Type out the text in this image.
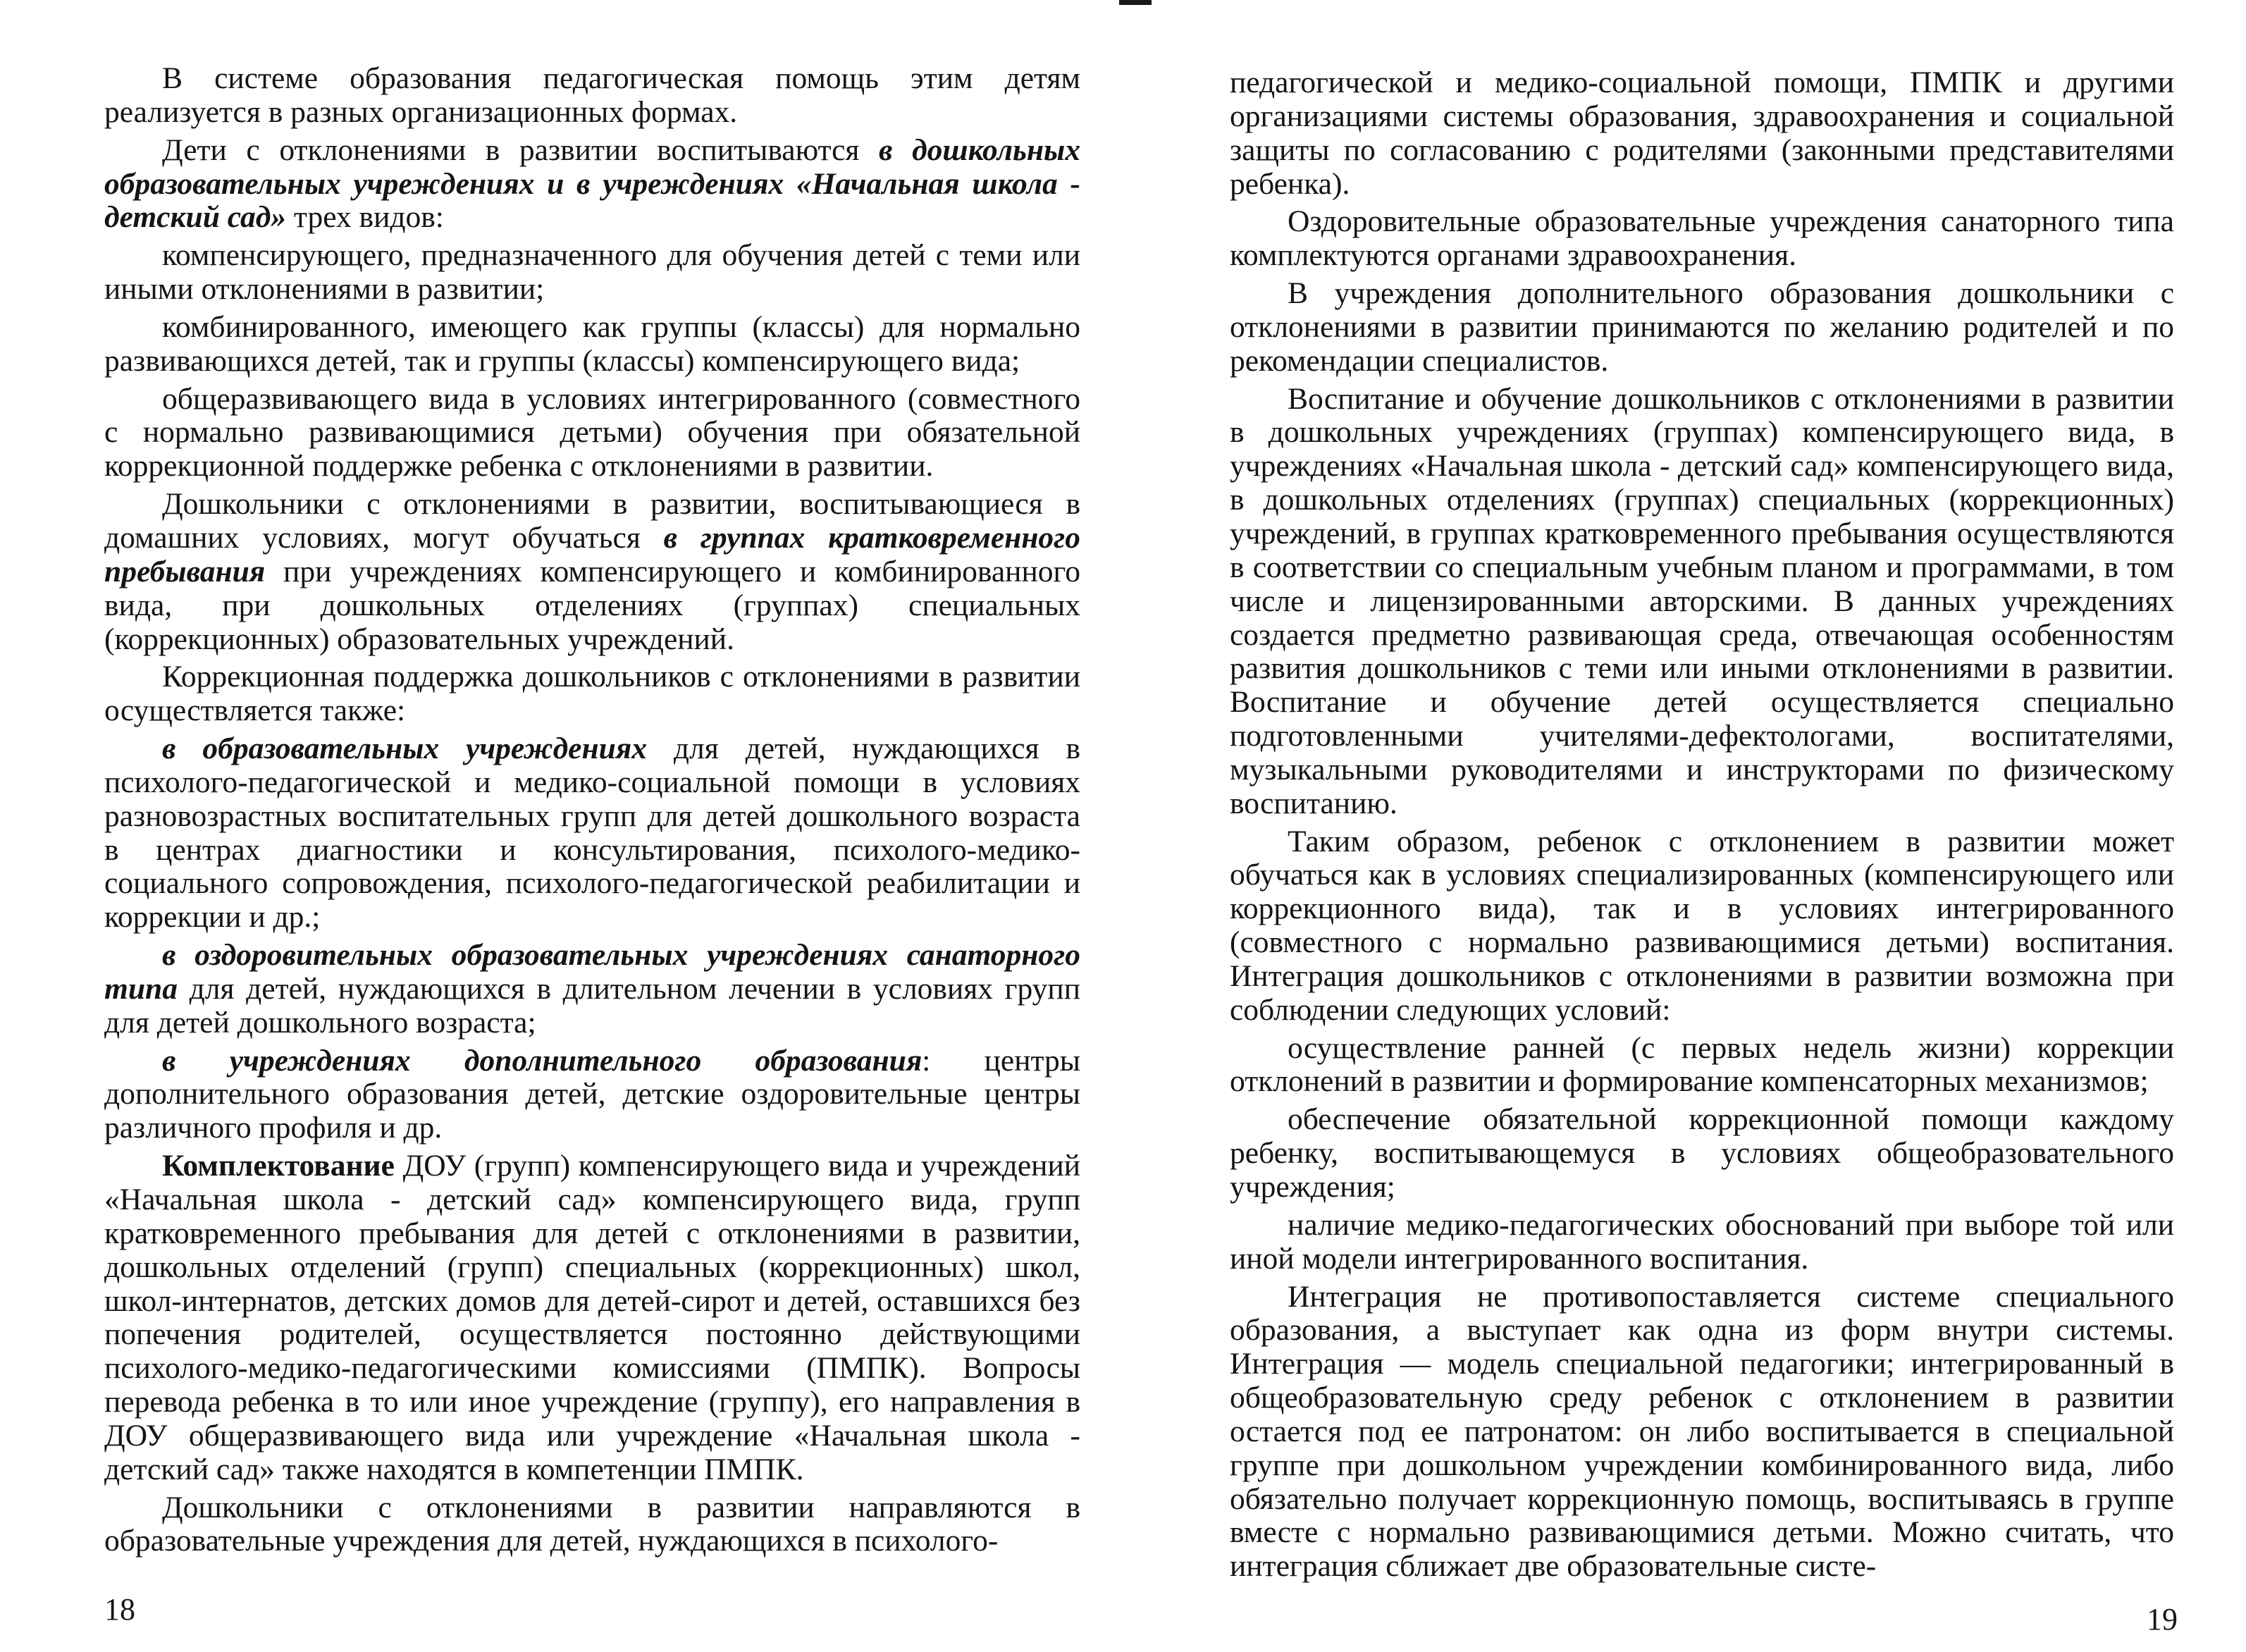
В системе образования педагогическая помощь этим детям реализуется в разных организационных формах.

Дети с отклонениями в развитии воспитываются в дошкольных образовательных учреждениях и в учреждениях «Начальная школа - детский сад» трех видов:

компенсирующего, предназначенного для обучения детей с теми или иными отклонениями в развитии;

комбинированного, имеющего как группы (классы) для нормально развивающихся детей, так и группы (классы) компенсирующего вида;

общеразвивающего вида в условиях интегрированного (совместного с нормально развивающимися детьми) обучения при обязательной коррекционной поддержке ребенка с отклонениями в развитии.

Дошкольники с отклонениями в развитии, воспитывающиеся в домашних условиях, могут обучаться в группах кратковременного пребывания при учреждениях компенсирующего и комбинированного вида, при дошкольных отделениях (группах) специальных (коррекционных) образовательных учреждений.

Коррекционная поддержка дошкольников с отклонениями в развитии осуществляется также:

в образовательных учреждениях для детей, нуждающихся в психолого-педагогической и медико-социальной помощи в условиях разновозрастных воспитательных групп для детей дошкольного возраста в центрах диагностики и консультирования, психолого-медико-социального сопровождения, психолого-педагогической реабилитации и коррекции и др.;

в оздоровительных образовательных учреждениях санаторного типа для детей, нуждающихся в длительном лечении в условиях групп для детей дошкольного возраста;

в учреждениях дополнительного образования: центры дополнительного образования детей, детские оздоровительные центры различного профиля и др.

Комплектование ДОУ (групп) компенсирующего вида и учреждений «Начальная школа - детский сад» компенсирующего вида, групп кратковременного пребывания для детей с отклонениями в развитии, дошкольных отделений (групп) специальных (коррекционных) школ, школ-интернатов, детских домов для детей-сирот и детей, оставшихся без попечения родителей, осуществляется постоянно действующими психолого-медико-педагогическими комиссиями (ПМПК). Вопросы перевода ребенка в то или иное учреждение (группу), его направления в ДОУ общеразвивающего вида или учреждение «Начальная школа - детский сад» также находятся в компетенции ПМПК.

Дошкольники с отклонениями в развитии направляются в образовательные учреждения для детей, нуждающихся в психолого-

18

педагогической и медико-социальной помощи, ПМПК и другими организациями системы образования, здравоохранения и социальной защиты по согласованию с родителями (законными представителями ребенка).

Оздоровительные образовательные учреждения санаторного типа комплектуются органами здравоохранения.

В учреждения дополнительного образования дошкольники с отклонениями в развитии принимаются по желанию родителей и по рекомендации специалистов.

Воспитание и обучение дошкольников с отклонениями в развитии в дошкольных учреждениях (группах) компенсирующего вида, в учреждениях «Начальная школа - детский сад» компенсирующего вида, в дошкольных отделениях (группах) специальных (коррекционных) учреждений, в группах кратковременного пребывания осуществляются в соответствии со специальным учебным планом и программами, в том числе и лицензированными авторскими. В данных учреждениях создается предметно развивающая среда, отвечающая особенностям развития дошкольников с теми или иными отклонениями в развитии. Воспитание и обучение детей осуществляется специально подготовленными учителями-дефектологами, воспитателями, музыкальными руководителями и инструкторами по физическому воспитанию.

Таким образом, ребенок с отклонением в развитии может обучаться как в условиях специализированных (компенсирующего или коррекционного вида), так и в условиях интегрированного (совместного с нормально развивающимися детьми) воспитания. Интеграция дошкольников с отклонениями в развитии возможна при соблюдении следующих условий:

осуществление ранней (с первых недель жизни) коррекции отклонений в развитии и формирование компенсаторных механизмов;

обеспечение обязательной коррекционной помощи каждому ребенку, воспитывающемуся в условиях общеобразовательного учреждения;

наличие медико-педагогических обоснований при выборе той или иной модели интегрированного воспитания.

Интеграция не противопоставляется системе специального образования, а выступает как одна из форм внутри системы. Интеграция — модель специальной педагогики; интегрированный в общеобразовательную среду ребенок с отклонением в развитии остается под ее патронатом: он либо воспитывается в специальной группе при дошкольном учреждении комбинированного вида, либо обязательно получает коррекционную помощь, воспитываясь в группе вместе с нормально развивающимися детьми. Можно считать, что интеграция сближает две образовательные систе-

19
